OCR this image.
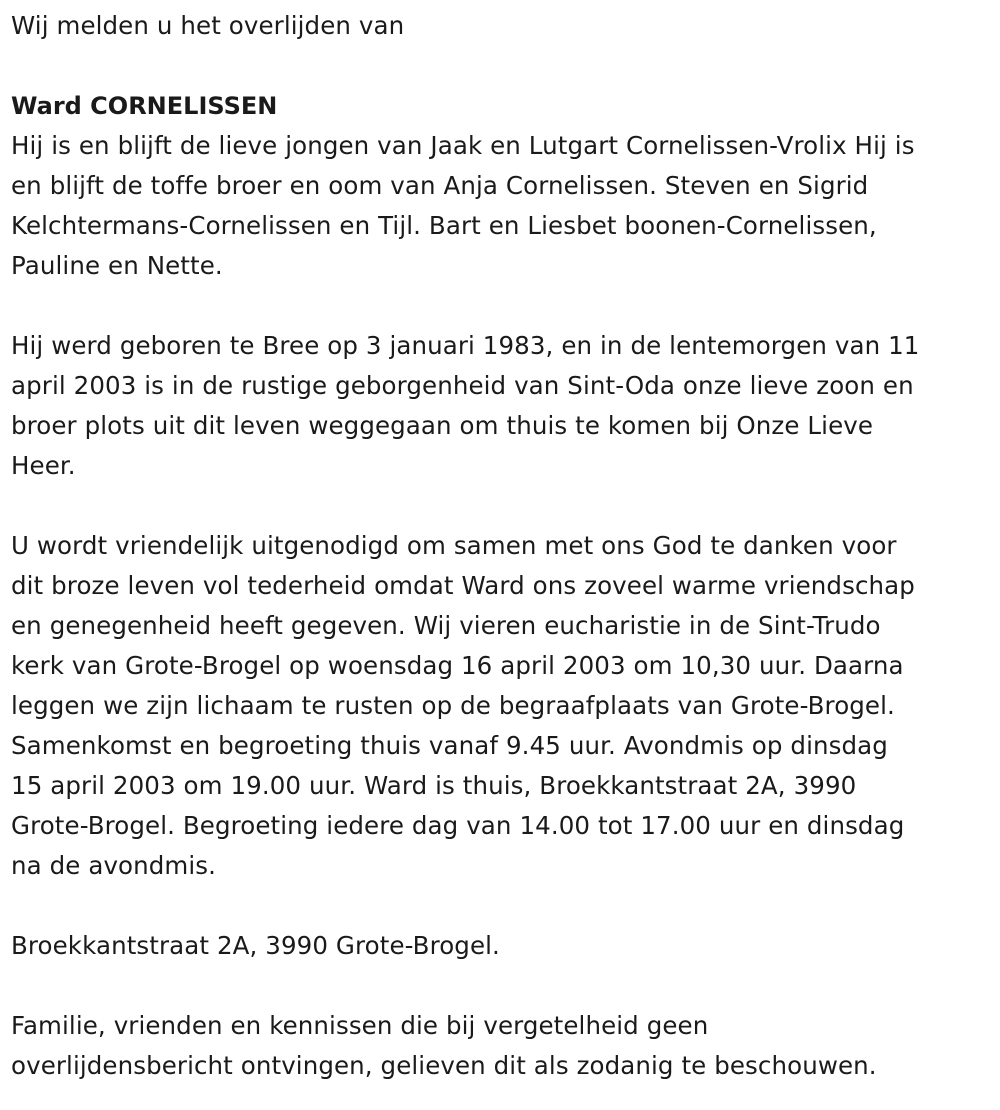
Wij melden u het overlijden van
Ward CORNELISSEN
Hij is en blijft de lieve jongen van Jaak en Lutgart Cornelissen-Vrolix Hij is
en blijft de toffe broer en oom van Anja Cornelissen. Steven en Sigrid
Kelchtermans-Cornelissen en Tijl. Bart en Liesbet boonen-Cornelissen,
Pauline en Nette.
Hij werd geboren te Bree op 3 januari 1983, en in de lentemorgen van 11
april 2003 is in de rustige geborgenheid van Sint-Oda onze lieve zoon en
broer plots uit dit leven weggegaan om thuis te komen bij Onze Lieve
Heer.
U wordt vriendelijk uitgenodigd om samen met ons God te danken voor
dit broze leven vol tederheid omdat Ward ons zoveel warme vriendschap
en genegenheid heeft gegeven. Wij vieren eucharistie in de Sint-Trudo
kerk van Grote-Brogel op woensdag 16 april 2003 om 10,30 uur. Daarna
leggen we zijn lichaam te rusten op de begraafplaats van Grote-Brogel.
Samenkomst en begroeting thuis vanaf 9.45 uur. Avondmis op dinsdag
15 april 2003 om 19.00 uur. Ward is thuis, Broekkantstraat 2A, 3990
Grote-Brogel. Begroeting iedere dag van 14.00 tot 17.00 uur en dinsdag
na de avondmis.
Broekkantstraat 2A, 3990 Grote-Brogel.
Familie, vrienden en kennissen die bij vergetelheid geen
overlijdensbericht ontvingen, gelieven dit als zodanig te beschouwen.
